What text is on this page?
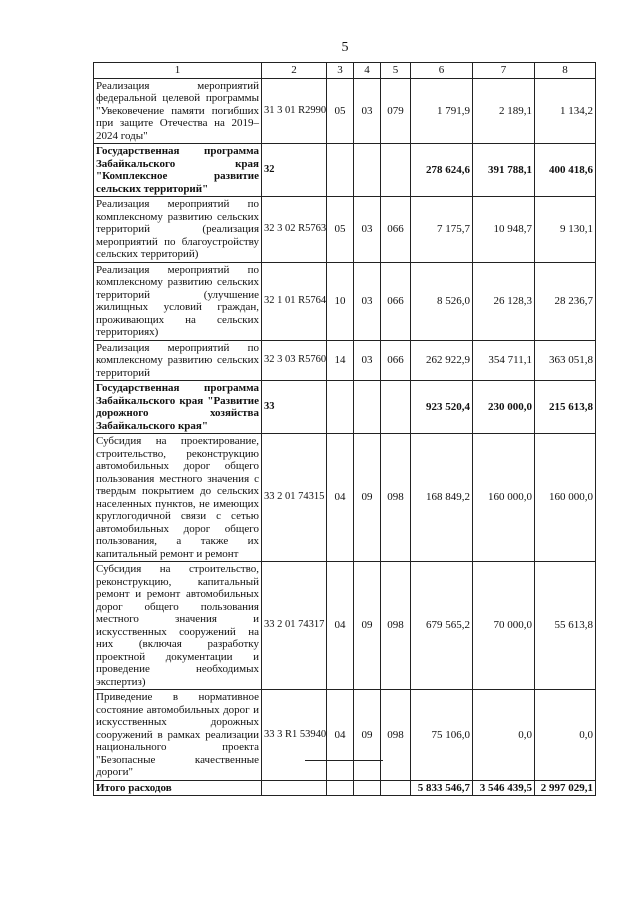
5
1	2	3	4	5	6	7	8
Реализация мероприятий федеральной целевой программы "Увековечение памяти погибших при защите Отечества на 2019–2024 годы"	31 3 01 R2990	05	03	079	1 791,9	2 189,1	1 134,2
Государственная программа Забайкальского края "Комплексное развитие сельских территорий"	32				278 624,6	391 788,1	400 418,6
Реализация мероприятий по комплексному развитию сельских территорий (реализация мероприятий по благоустройству сельских территорий)	32 3 02 R5763	05	03	066	7 175,7	10 948,7	9 130,1
Реализация мероприятий по комплексному развитию сельских территорий (улучшение жилищных условий граждан, проживающих на сельских территориях)	32 1 01 R5764	10	03	066	8 526,0	26 128,3	28 236,7
Реализация мероприятий по комплексному развитию сельских территорий	32 3 03 R5760	14	03	066	262 922,9	354 711,1	363 051,8
Государственная программа Забайкальского края "Развитие дорожного хозяйства Забайкальского края"	33				923 520,4	230 000,0	215 613,8
Субсидия на проектирование, строительство, реконструкцию автомобильных дорог общего пользования местного значения с твердым покрытием до сельских населенных пунктов, не имеющих круглогодичной связи с сетью автомобильных дорог общего пользования, а также их капитальный ремонт и ремонт	33 2 01 74315	04	09	098	168 849,2	160 000,0	160 000,0
Субсидия на строительство, реконструкцию, капитальный ремонт и ремонт автомобильных дорог общего пользования местного значения и искусственных сооружений на них (включая разработку проектной документации и проведение необходимых экспертиз)	33 2 01 74317	04	09	098	679 565,2	70 000,0	55 613,8
Приведение в нормативное состояние автомобильных дорог и искусственных дорожных сооружений в рамках реализации национального проекта "Безопасные качественные дороги"	33 3 R1 53940	04	09	098	75 106,0	0,0	0,0
Итого расходов					5 833 546,7	3 546 439,5	2 997 029,1
